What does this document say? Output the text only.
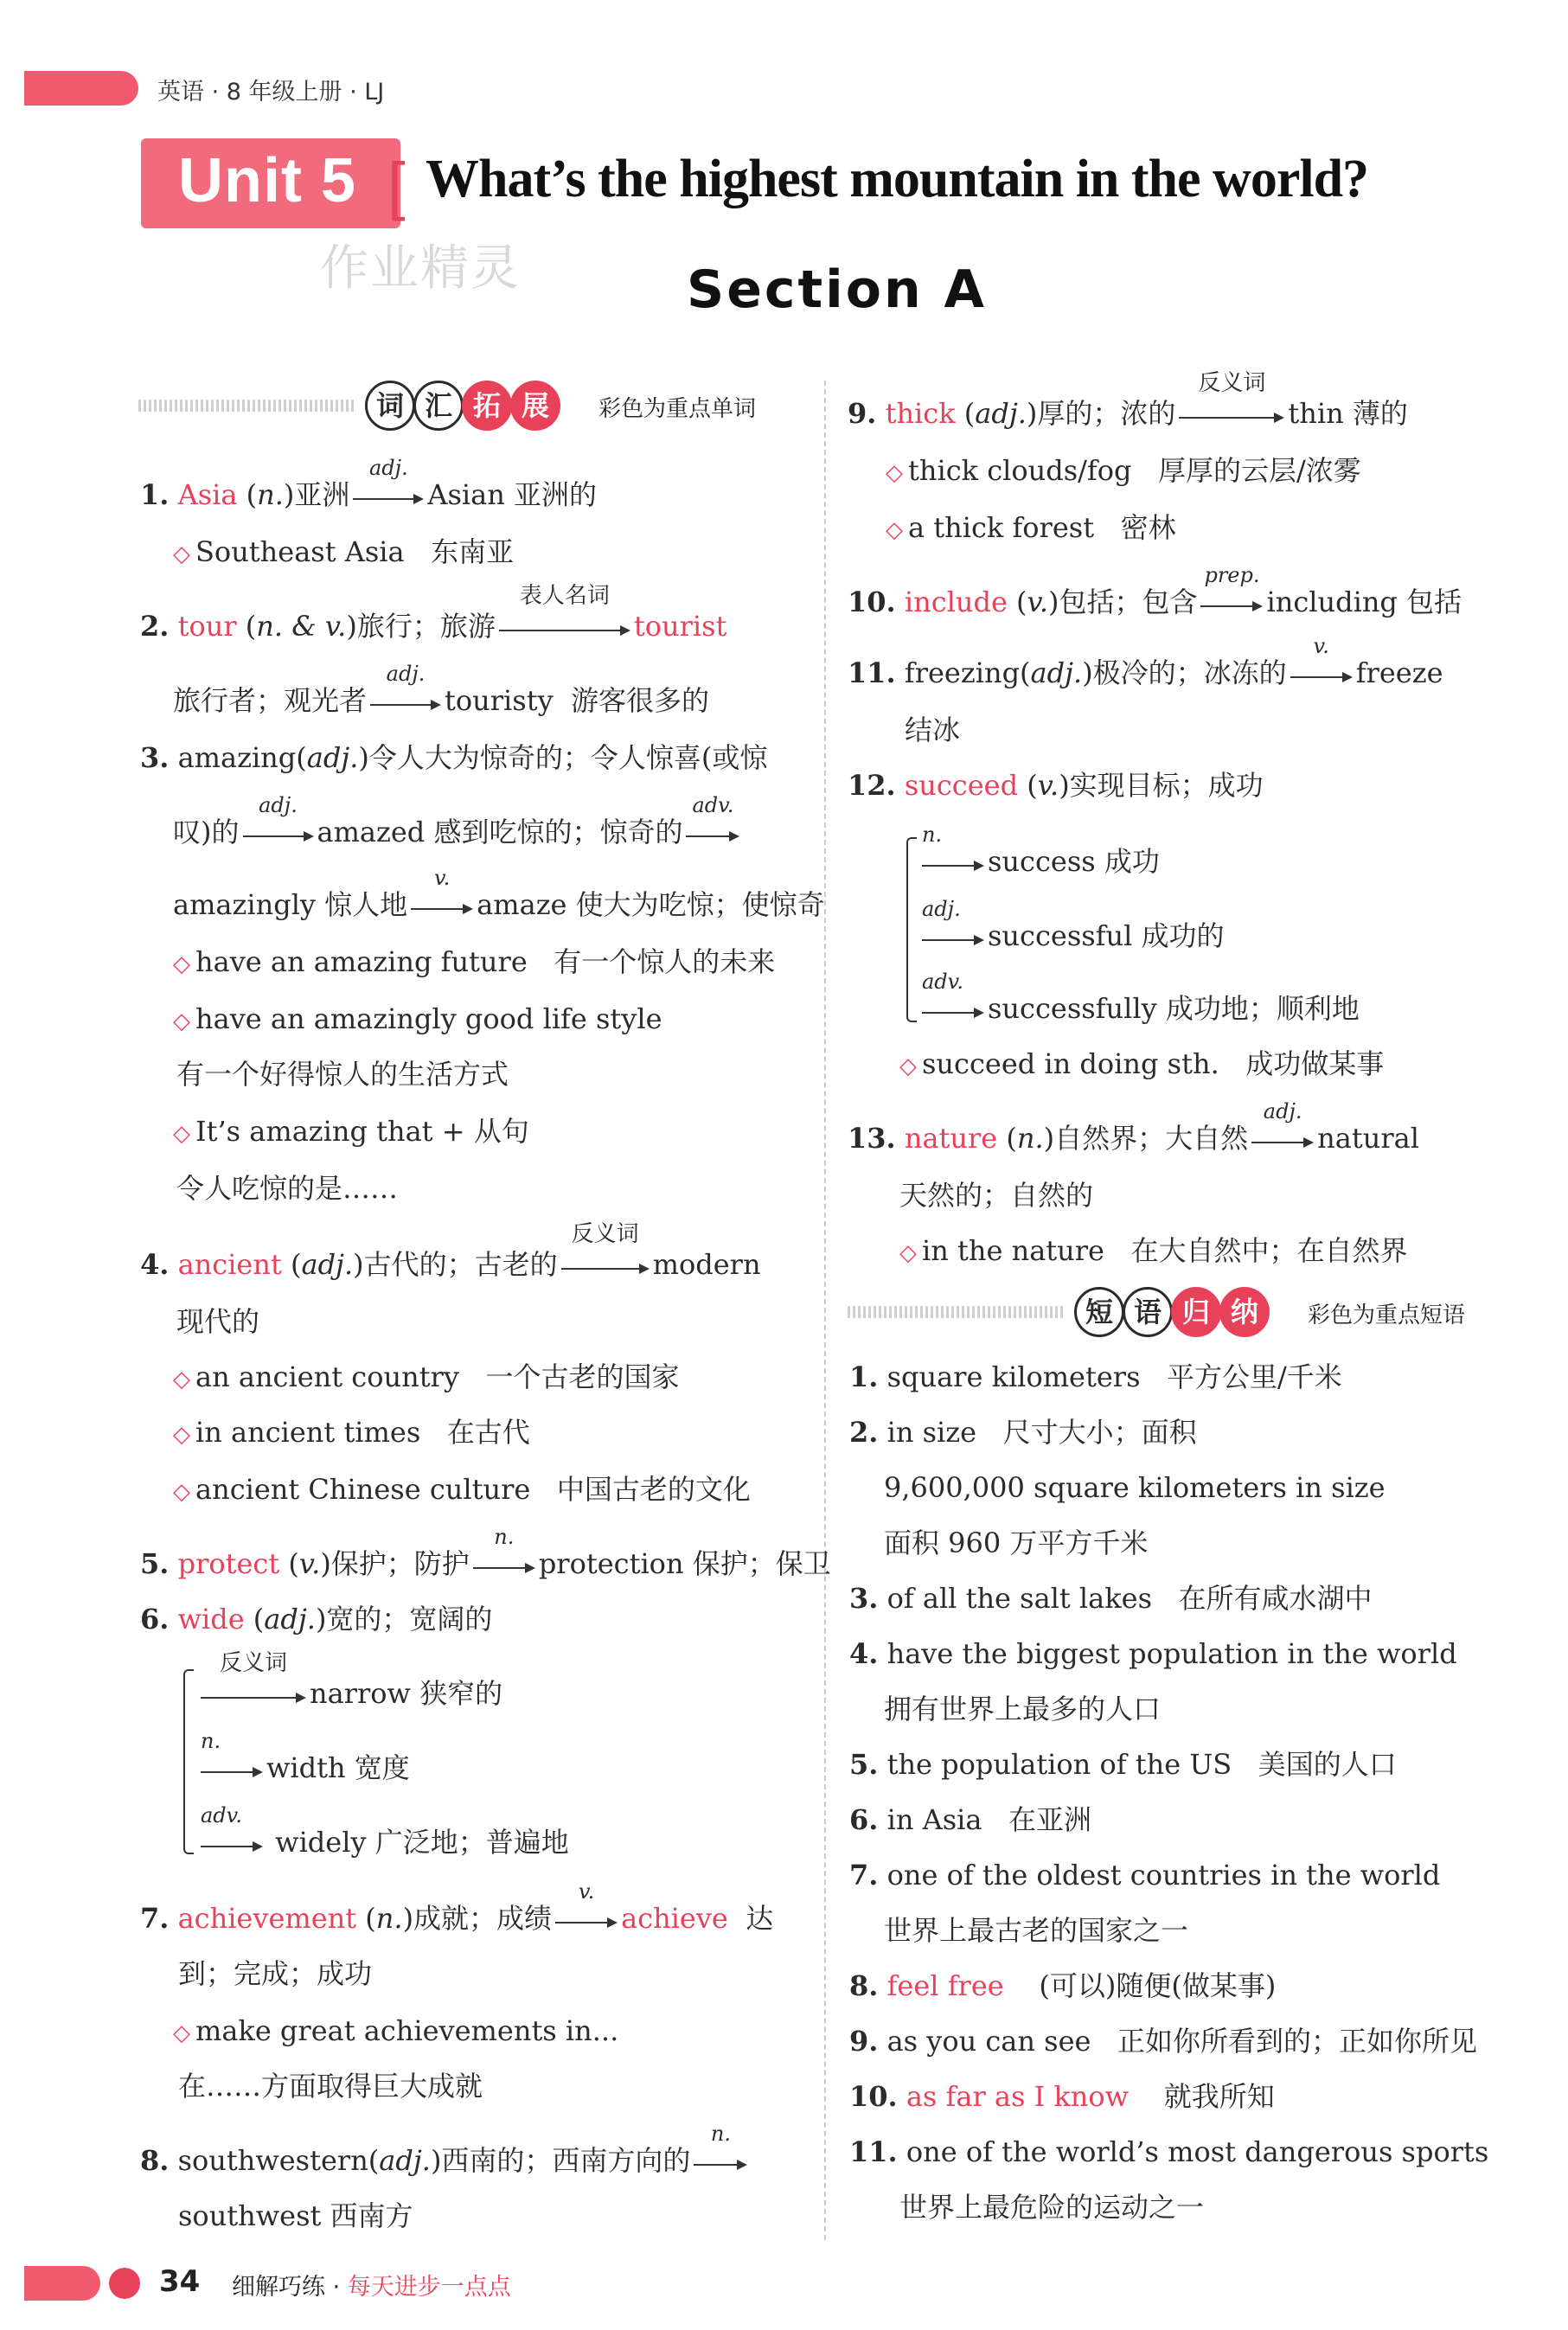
英语 · 8 年级上册 · LJ
Unit 5 [ What’s the highest mountain in the world?
作业精灵	Section A
词 汇 拓 展	彩色为重点单词
1. Asia (n.)亚洲
adj.
Asian 亚洲的
◇ Southeast Asia 东南亚
2. tour (n. & v.)旅行；旅游
表人名词
tourist
旅行者；观光者
adj.
touristy 游客很多的
3. amazing(adj.)令人大为惊奇的；令人惊喜(或惊
叹)的
adj.
amazed 感到吃惊的；惊奇的
adv.
amazingly 惊人地
v.
amaze 使大为吃惊；使惊奇
◇ have an amazing future 有一个惊人的未来
◇ have an amazingly good life style
有一个好得惊人的生活方式
◇ It’s amazing that + 从句
令人吃惊的是……
4. ancient (adj.)古代的；古老的
反义词
modern
现代的
◇ an ancient country 一个古老的国家
◇ in ancient times 在古代
◇ ancient Chinese culture 中国古老的文化
5. protect (v.)保护；防护
n.
protection 保护；保卫
6. wide (adj.)宽的；宽阔的
反义词
narrow 狭窄的
n.
width 宽度
adv.
widely 广泛地；普遍地
7. achievement (n.)成就；成绩
v.
achieve 达
到；完成；成功
◇ make great achievements in...
在……方面取得巨大成就
8. southwestern(adj.)西南的；西南方向的
n.
southwest 西南方
9. thick (adj.)厚的；浓的
反义词
thin 薄的
◇ thick clouds/fog 厚厚的云层/浓雾
◇ a thick forest 密林
10. include (v.)包括；包含
prep.
including 包括
11. freezing(adj.)极冷的；冰冻的
v.
freeze
结冰
12. succeed (v.)实现目标；成功
n.
success 成功
adj.
successful 成功的
adv.
successfully 成功地；顺利地
◇ succeed in doing sth. 成功做某事
13. nature (n.)自然界；大自然
adj.
natural
天然的；自然的
◇ in the nature 在大自然中；在自然界
短 语 归 纳	彩色为重点短语
1. square kilometers 平方公里/千米
2. in size 尺寸大小；面积
9,600,000 square kilometers in size
面积 960 万平方千米
3. of all the salt lakes 在所有咸水湖中
4. have the biggest population in the world
拥有世界上最多的人口
5. the population of the US 美国的人口
6. in Asia 在亚洲
7. one of the oldest countries in the world
世界上最古老的国家之一
8. feel free (可以)随便(做某事)
9. as you can see 正如你所看到的；正如你所见
10. as far as I know 就我所知
11. one of the world’s most dangerous sports
世界上最危险的运动之一
34 细解巧练 · 每天进步一点点
